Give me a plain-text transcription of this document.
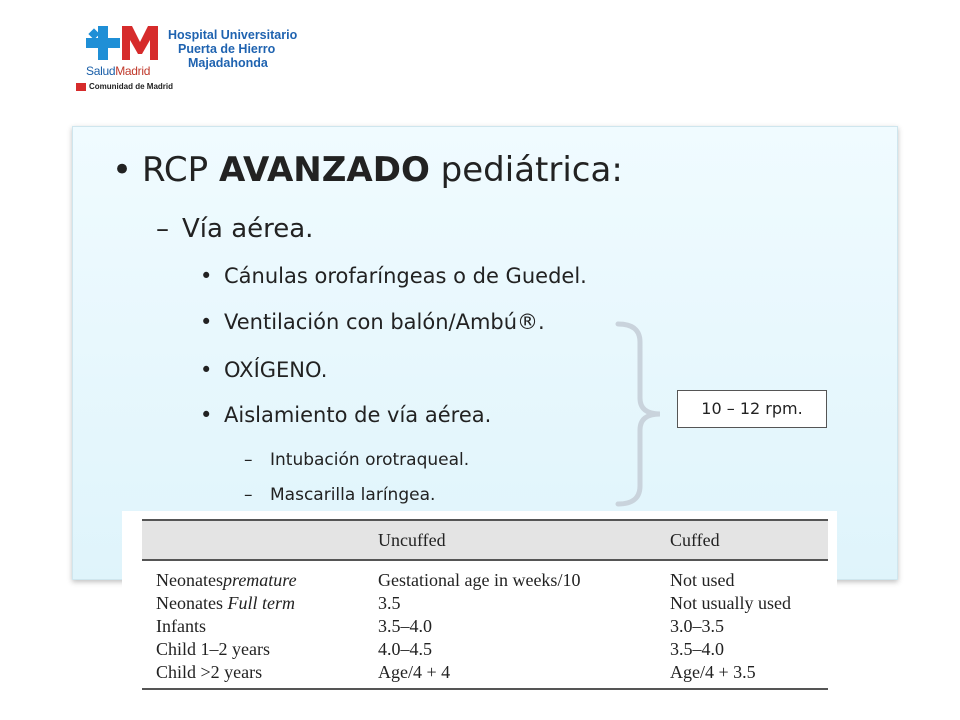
SaludMadrid
Hospital Universitario
Puerta de Hierro
Majadahonda
Comunidad de Madrid
• RCP AVANZADO pediátrica:
– Vía aérea.
• Cánulas orofaríngeas o de Guedel.
• Ventilación con balón/Ambú®.
• OXÍGENO.
• Aislamiento de vía aérea.
– Intubación orotraqueal.
– Mascarilla laríngea.
10 – 12 rpm.
	Uncuffed	Cuffed
Neonatespremature	Gestational age in weeks/10	Not used
Neonates Full term	3.5	Not usually used
Infants	3.5–4.0	3.0–3.5
Child 1–2 years	4.0–4.5	3.5–4.0
Child >2 years	Age/4 + 4	Age/4 + 3.5
